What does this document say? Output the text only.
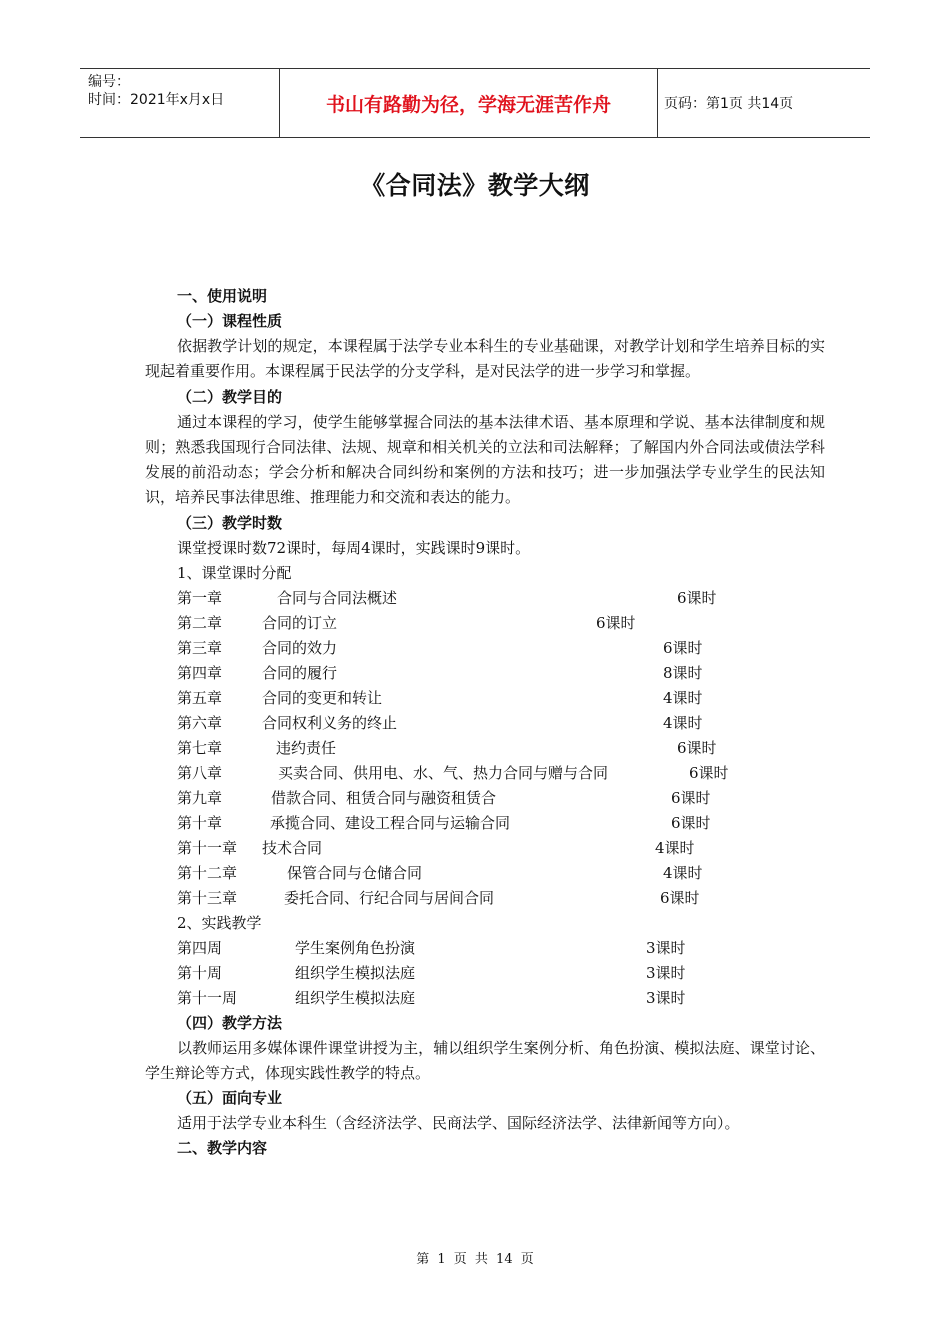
编号：
时间：2021年x月x日	书山有路勤为径，学海无涯苦作舟	页码：第1页 共14页
《合同法》教学大纲
一、使用说明
（一）课程性质
依据教学计划的规定，本课程属于法学专业本科生的专业基础课，对教学计划和学生培养目标的实现起着重要作用。本课程属于民法学的分支学科，是对民法学的进一步学习和掌握。
（二）教学目的
通过本课程的学习，使学生能够掌握合同法的基本法律术语、基本原理和学说、基本法律制度和规则；熟悉我国现行合同法律、法规、规章和相关机关的立法和司法解释；了解国内外合同法或债法学科发展的前沿动态；学会分析和解决合同纠纷和案例的方法和技巧；进一步加强法学专业学生的民法知识，培养民事法律思维、推理能力和交流和表达的能力。
（三）教学时数
课堂授课时数72课时，每周4课时，实践课时9课时。
1、课堂课时分配
第一章	合同与合同法概述	6课时
第二章	合同的订立	6课时
第三章	合同的效力	6课时
第四章	合同的履行	8课时
第五章	合同的变更和转让	4课时
第六章	合同权利义务的终止	4课时
第七章	违约责任	6课时
第八章	买卖合同、供用电、水、气、热力合同与赠与合同	6课时
第九章	借款合同、租赁合同与融资租赁合	6课时
第十章	承揽合同、建设工程合同与运输合同	6课时
第十一章 技术合同	4课时
第十二章	保管合同与仓储合同	4课时
第十三章	委托合同、行纪合同与居间合同	6课时
2、实践教学
第四周	学生案例角色扮演	3课时
第十周	组织学生模拟法庭	3课时
第十一周	组织学生模拟法庭	3课时
（四）教学方法
以教师运用多媒体课件课堂讲授为主，辅以组织学生案例分析、角色扮演、模拟法庭、课堂讨论、学生辩论等方式，体现实践性教学的特点。
（五）面向专业
适用于法学专业本科生（含经济法学、民商法学、国际经济法学、法律新闻等方向）。
二、教学内容
第 1 页 共 14 页
